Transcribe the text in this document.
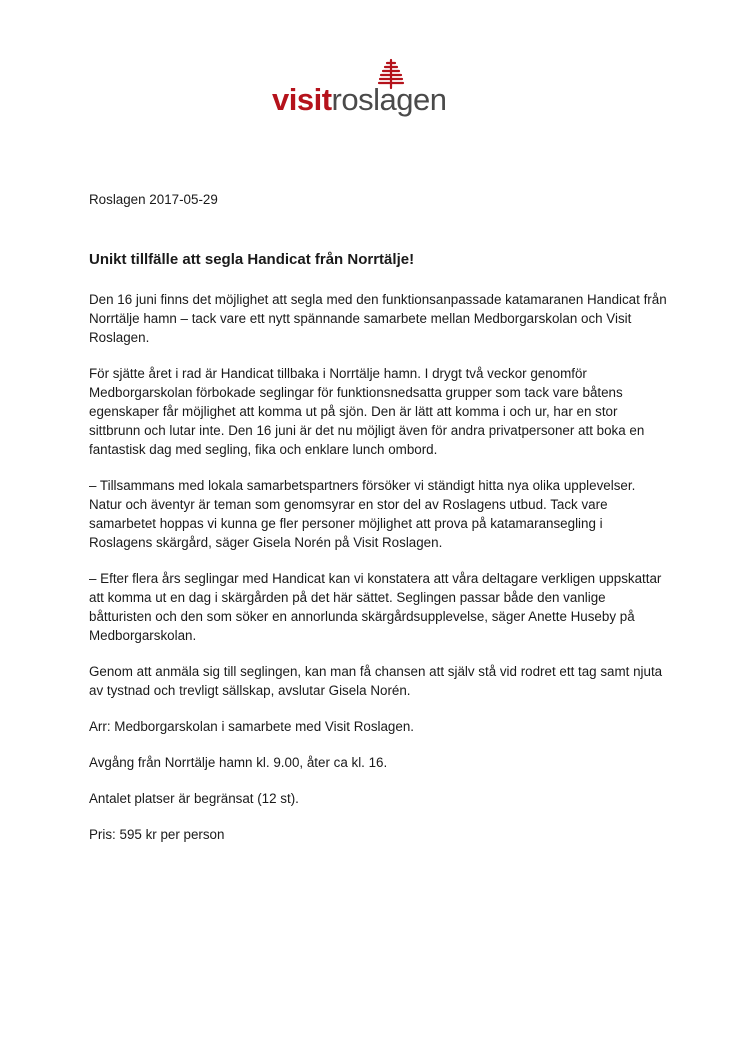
visitroslagen

Roslagen 2017-05-29

Unikt tillfälle att segla Handicat från Norrtälje!

Den 16 juni finns det möjlighet att segla med den funktionsanpassade katamaranen Handicat från Norrtälje hamn – tack vare ett nytt spännande samarbete mellan Medborgarskolan och Visit Roslagen.

För sjätte året i rad är Handicat tillbaka i Norrtälje hamn. I drygt två veckor genomför Medborgarskolan förbokade seglingar för funktionsnedsatta grupper som tack vare båtens egenskaper får möjlighet att komma ut på sjön. Den är lätt att komma i och ur, har en stor sittbrunn och lutar inte. Den 16 juni är det nu möjligt även för andra privatpersoner att boka en fantastisk dag med segling, fika och enklare lunch ombord.

– Tillsammans med lokala samarbetspartners försöker vi ständigt hitta nya olika upplevelser. Natur och äventyr är teman som genomsyrar en stor del av Roslagens utbud. Tack vare samarbetet hoppas vi kunna ge fler personer möjlighet att prova på katamaransegling i Roslagens skärgård, säger Gisela Norén på Visit Roslagen.

– Efter flera års seglingar med Handicat kan vi konstatera att våra deltagare verkligen uppskattar att komma ut en dag i skärgården på det här sättet. Seglingen passar både den vanlige båtturisten och den som söker en annorlunda skärgårdsupplevelse, säger Anette Huseby på Medborgarskolan.

Genom att anmäla sig till seglingen, kan man få chansen att själv stå vid rodret ett tag samt njuta av tystnad och trevligt sällskap, avslutar Gisela Norén.

Arr: Medborgarskolan i samarbete med Visit Roslagen.

Avgång från Norrtälje hamn kl. 9.00, åter ca kl. 16.

Antalet platser är begränsat (12 st).

Pris: 595 kr per person
